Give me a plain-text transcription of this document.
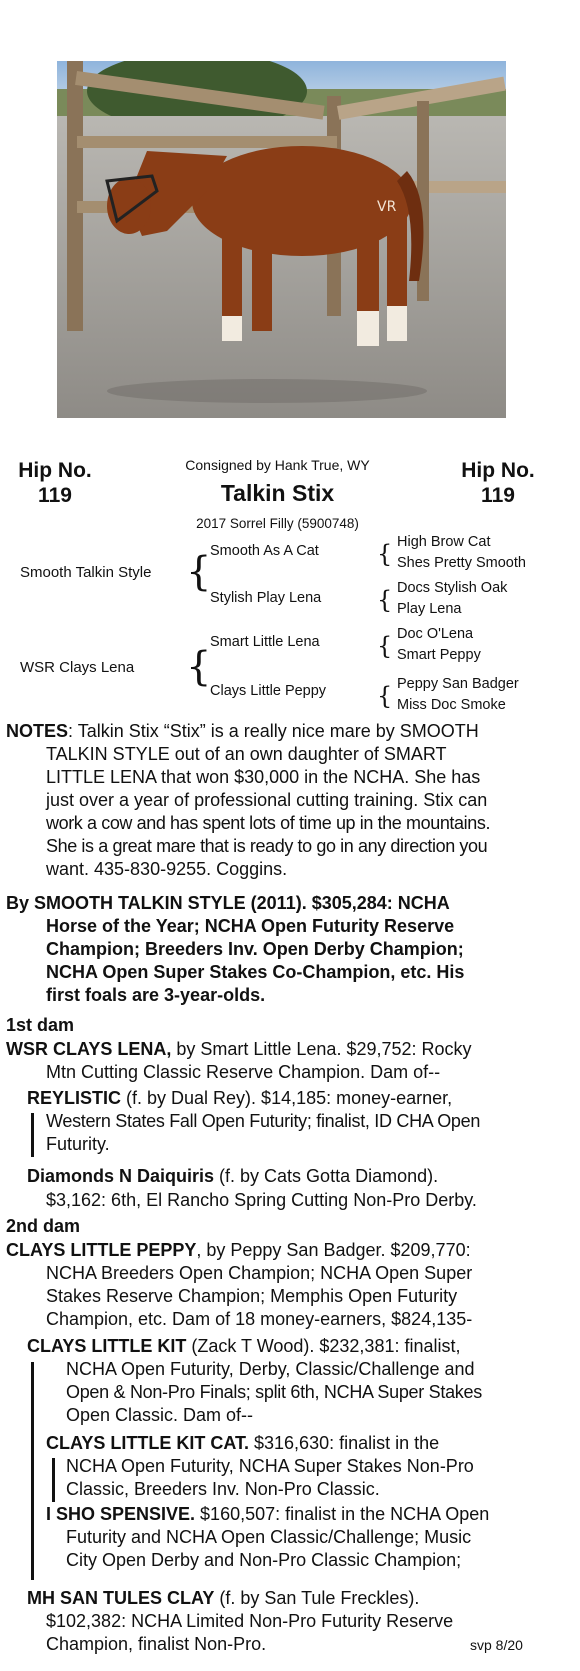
VR
Hip No.
119
Hip No.
119
Consigned by Hank True, WY
Talkin Stix
2017 Sorrel Filly (5900748)
Smooth Talkin Style {
Smooth As A Cat
Stylish Play Lena
{ High Brow Cat
Shes Pretty Smooth
{ Docs Stylish Oak
Play Lena
WSR Clays Lena {
Smart Little Lena
Clays Little Peppy
{ Doc O'Lena
Smart Peppy
{ Peppy San Badger
Miss Doc Smoke
NOTES: Talkin Stix “Stix” is a really nice mare by SMOOTH
TALKIN STYLE out of an own daughter of SMART
LITTLE LENA that won $30,000 in the NCHA. She has
just over a year of professional cutting training. Stix can
work a cow and has spent lots of time up in the mountains.
She is a great mare that is ready to go in any direction you
want. 435-830-9255. Coggins.
By SMOOTH TALKIN STYLE (2011). $305,284: NCHA
Horse of the Year; NCHA Open Futurity Reserve
Champion; Breeders Inv. Open Derby Champion;
NCHA Open Super Stakes Co-Champion, etc. His
first foals are 3-year-olds.
1st dam
WSR CLAYS LENA, by Smart Little Lena. $29,752: Rocky
Mtn Cutting Classic Reserve Champion. Dam of--
REYLISTIC (f. by Dual Rey). $14,185: money-earner,
Western States Fall Open Futurity; finalist, ID CHA Open
Futurity.
Diamonds N Daiquiris (f. by Cats Gotta Diamond).
$3,162: 6th, El Rancho Spring Cutting Non-Pro Derby.
2nd dam
CLAYS LITTLE PEPPY, by Peppy San Badger. $209,770:
NCHA Breeders Open Champion; NCHA Open Super
Stakes Reserve Champion; Memphis Open Futurity
Champion, etc. Dam of 18 money-earners, $824,135-
CLAYS LITTLE KIT (Zack T Wood). $232,381: finalist,
NCHA Open Futurity, Derby, Classic/Challenge and
Open & Non-Pro Finals; split 6th, NCHA Super Stakes
Open Classic. Dam of--
CLAYS LITTLE KIT CAT. $316,630: finalist in the
NCHA Open Futurity, NCHA Super Stakes Non-Pro
Classic, Breeders Inv. Non-Pro Classic.
I SHO SPENSIVE. $160,507: finalist in the NCHA Open
Futurity and NCHA Open Classic/Challenge; Music
City Open Derby and Non-Pro Classic Champion;
MH SAN TULES CLAY (f. by San Tule Freckles).
$102,382: NCHA Limited Non-Pro Futurity Reserve
Champion, finalist Non-Pro.	svp 8/20
